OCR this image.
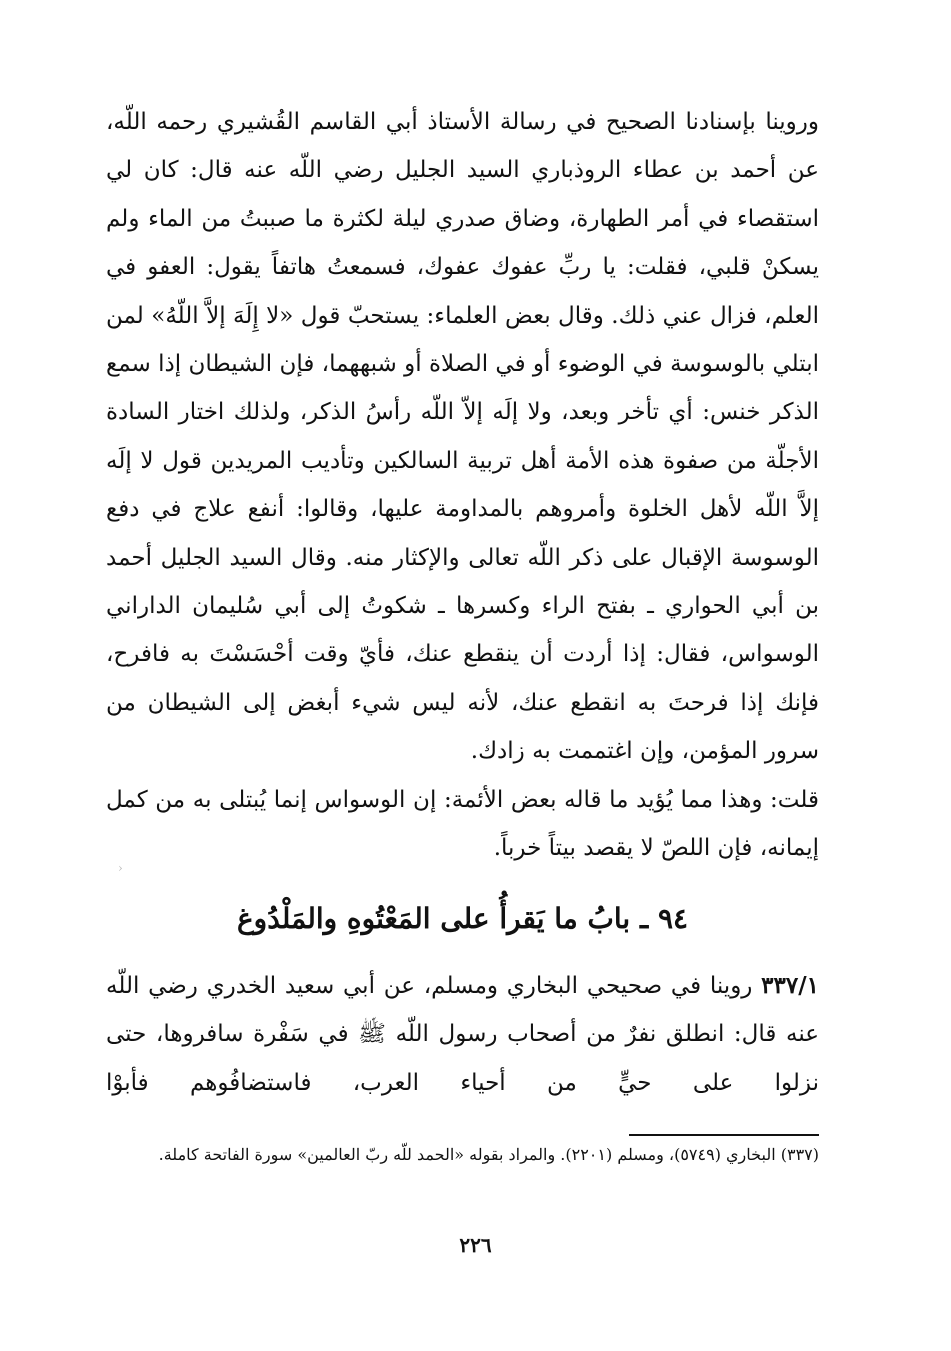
وروينا بإسنادنا الصحيح في رسالة الأستاذ أبي القاسم القُشيري رحمه اللّه، عن أحمد بن عطاء الروذباري السيد الجليل رضي اللّه عنه قال: كان لي استقصاء في أمر الطهارة، وضاق صدري ليلة لكثرة ما صببتُ من الماء ولم يسكنْ قلبي، فقلت: يا ربِّ عفوك عفوك، فسمعتُ هاتفاً يقول: العفو في العلم، فزال عني ذلك. وقال بعض العلماء: يستحبّ قول «لا إِلَهَ إلاَّ اللّهُ» لمن ابتلي بالوسوسة في الوضوء أو في الصلاة أو شبههما، فإن الشيطان إذا سمع الذكر خنس: أي تأخر وبعد، ولا إلَه إلاّ اللّه رأسُ الذكر، ولذلك اختار السادة الأجلّة من صفوة هذه الأمة أهل تربية السالكين وتأديب المريدين قول لا إلَه إلاَّ اللّه لأهل الخلوة وأمروهم بالمداومة عليها، وقالوا: أنفع علاج في دفع الوسوسة الإقبال على ذكر اللّه تعالى والإكثار منه. وقال السيد الجليل أحمد بن أبي الحواري ـ بفتح الراء وكسرها ـ شكوتُ إلى أبي سُليمان الداراني الوسواس، فقال: إذا أردت أن ينقطع عنك، فأيّ وقت أحْسَسْتَ به فافرح، فإنك إذا فرحتَ به انقطع عنك، لأنه ليس شيء أبغض إلى الشيطان من سرور المؤمن، وإن اغتممت به زادك.

قلت: وهذا مما يُؤيد ما قاله بعض الأئمة: إن الوسواس إنما يُبتلى به من كمل إيمانه، فإن اللصّ لا يقصد بيتاً خرباً.

›
٩٤ ـ بابُ ما يَقرأُ على المَعْتُوهِ والمَلْدُوغ
٣٣٧/١ روينا في صحيحي البخاري ومسلم، عن أبي سعيد الخدري رضي اللّه عنه قال: انطلق نفرٌ من أصحاب رسول اللّه ﷺ في سَفْرة سافروها، حتى نزلوا على حيٍّ من أحياء العرب، فاستضافُوهم فأبوْا
(٣٣٧) البخاري (٥٧٤٩)، ومسلم (٢٢٠١). والمراد بقوله «الحمد للّه ربّ العالمين» سورة الفاتحة كاملة.
٢٢٦
